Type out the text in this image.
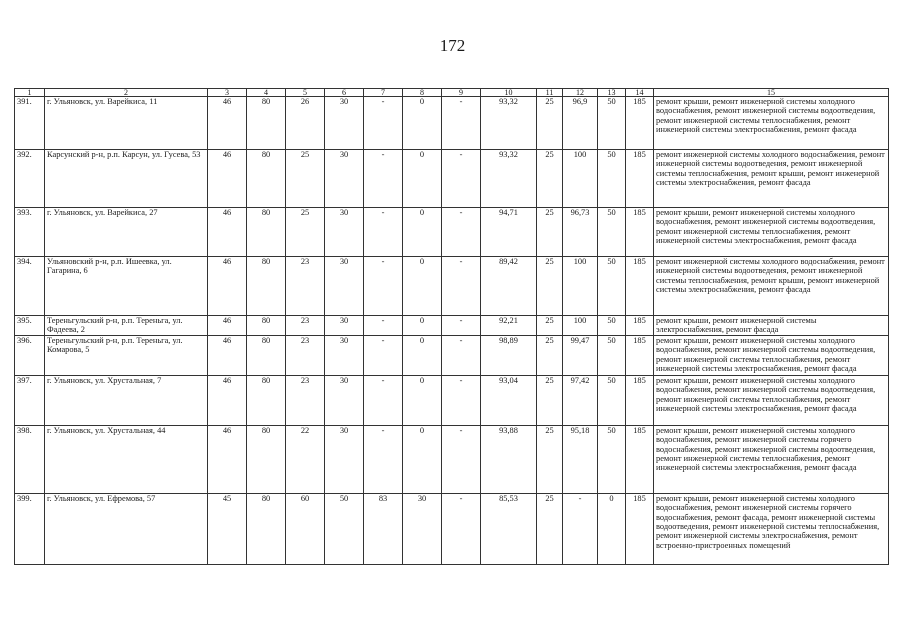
172
1	2	3	4	5	6	7	8	9	10	11	12	13	14	15
391.	г. Ульяновск, ул. Варейкиса, 11	46	80	26	30	-	0	-	93,32	25	96,9	50	185	ремонт крыши, ремонт инженерной системы холодного водоснабжения, ремонт инженерной системы водоотведения, ремонт инженерной системы теплоснабжения, ремонт инженерной системы электроснабжения, ремонт фасада
392.	Карсунский р-н, р.п. Карсун, ул. Гусева, 53	46	80	25	30	-	0	-	93,32	25	100	50	185	ремонт инженерной системы холодного водоснабжения, ремонт инженерной системы водоотведения, ремонт инженерной системы теплоснабжения, ремонт крыши, ремонт инженерной системы электроснабжения, ремонт фасада
393.	г. Ульяновск, ул. Варейкиса, 27	46	80	25	30	-	0	-	94,71	25	96,73	50	185	ремонт крыши, ремонт инженерной системы холодного водоснабжения, ремонт инженерной системы водоотведения, ремонт инженерной системы теплоснабжения, ремонт инженерной системы электроснабжения, ремонт фасада
394.	Ульяновский р-н, р.п. Ишеевка, ул. Гагарина, 6	46	80	23	30	-	0	-	89,42	25	100	50	185	ремонт инженерной системы холодного водоснабжения, ремонт инженерной системы водоотведения, ремонт инженерной системы теплоснабжения, ремонт крыши, ремонт инженерной системы электроснабжения, ремонт фасада
395.	Тереньгульский р-н, р.п. Тереньга, ул. Фадеева, 2	46	80	23	30	-	0	-	92,21	25	100	50	185	ремонт крыши, ремонт инженерной системы электроснабжения, ремонт фасада
396.	Тереньгульский р-н, р.п. Тереньга, ул. Комарова, 5	46	80	23	30	-	0	-	98,89	25	99,47	50	185	ремонт крыши, ремонт инженерной системы холодного водоснабжения, ремонт инженерной системы водоотведения, ремонт инженерной системы теплоснабжения, ремонт инженерной системы электроснабжения, ремонт фасада
397.	г. Ульяновск, ул. Хрустальная, 7	46	80	23	30	-	0	-	93,04	25	97,42	50	185	ремонт крыши, ремонт инженерной системы холодного водоснабжения, ремонт инженерной системы водоотведения, ремонт инженерной системы теплоснабжения, ремонт инженерной системы электроснабжения, ремонт фасада
398.	г. Ульяновск, ул. Хрустальная, 44	46	80	22	30	-	0	-	93,88	25	95,18	50	185	ремонт крыши, ремонт инженерной системы холодного водоснабжения, ремонт инженерной системы горячего водоснабжения, ремонт инженерной системы водоотведения, ремонт инженерной системы теплоснабжения, ремонт инженерной системы электроснабжения, ремонт фасада
399.	г. Ульяновск, ул. Ефремова, 57	45	80	60	50	83	30	-	85,53	25	-	0	185	ремонт крыши, ремонт инженерной системы холодного водоснабжения, ремонт инженерной системы горячего водоснабжения, ремонт фасада, ремонт инженерной системы водоотведения, ремонт инженерной системы теплоснабжения, ремонт инженерной системы электроснабжения, ремонт встроенно-пристроенных помещений
